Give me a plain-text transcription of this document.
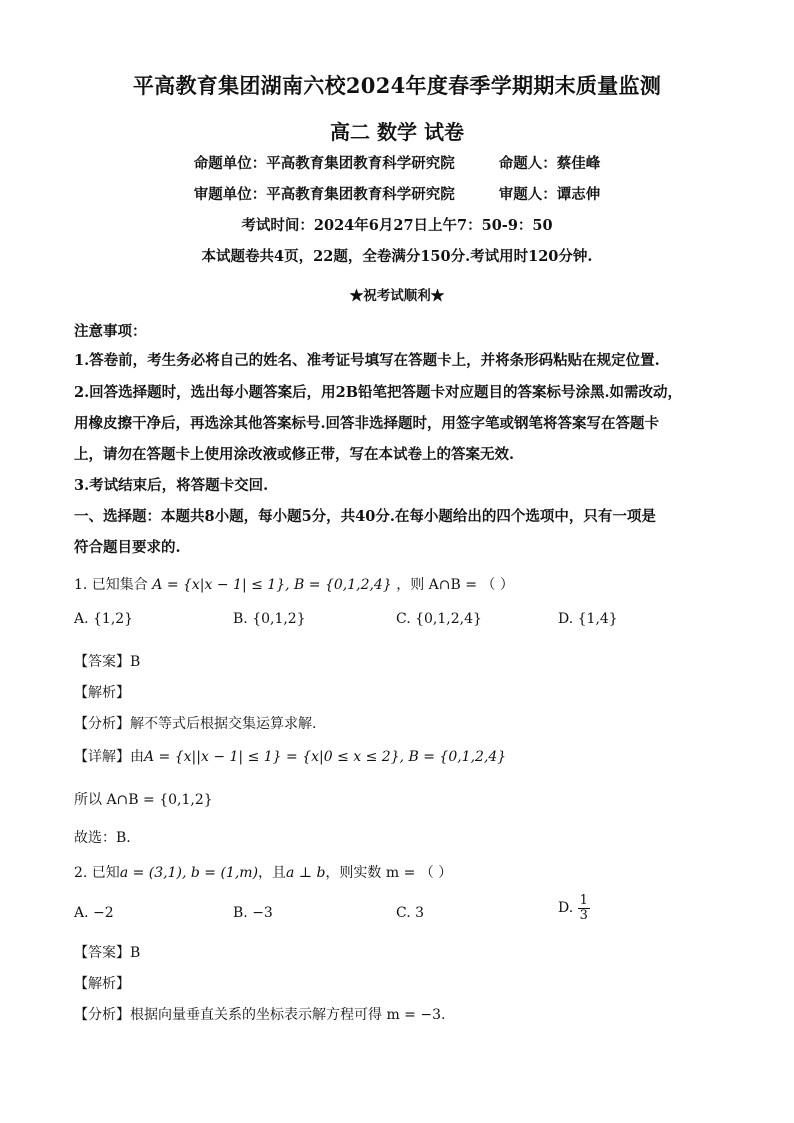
平高教育集团湖南六校2024年度春季学期期末质量监测
高二 数学 试卷
命题单位：平高教育集团教育科学研究院	命题人：蔡佳峰
审题单位：平高教育集团教育科学研究院	审题人：谭志伸
考试时间：2024年6月27日上午7：50-9：50
本试题卷共4页，22题，全卷满分150分.考试用时120分钟.
★祝考试顺利★
注意事项：
1.答卷前，考生务必将自己的姓名、准考证号填写在答题卡上，并将条形码粘贴在规定位置.
2.回答选择题时，选出每小题答案后，用2B铅笔把答题卡对应题目的答案标号涂黑.如需改动，
用橡皮擦干净后，再选涂其他答案标号.回答非选择题时，用签字笔或钢笔将答案写在答题卡
上，请勿在答题卡上使用涂改液或修正带，写在本试卷上的答案无效.
3.考试结束后，将答题卡交回.
一、选择题：本题共8小题，每小题5分，共40分.在每小题给出的四个选项中，只有一项是
符合题目要求的.
1. 已知集合 A = {x|x − 1| ≤ 1}, B = {0,1,2,4} ，则 A∩B = （ ）
A. {1,2}	B. {0,1,2}	C. {0,1,2,4}	D. {1,4}
【答案】B
【解析】
【分析】解不等式后根据交集运算求解.
【详解】由A = {x||x − 1| ≤ 1} = {x|0 ≤ x ≤ 2}, B = {0,1,2,4}
所以 A∩B = {0,1,2}
故选：B.
2. 已知a = (3,1), b = (1,m)，且a ⊥ b，则实数 m = （ ）
A. −2	B. −3	C. 3	D. $\frac{1}{3}$
【答案】B
【解析】
【分析】根据向量垂直关系的坐标表示解方程可得 m = −3.
